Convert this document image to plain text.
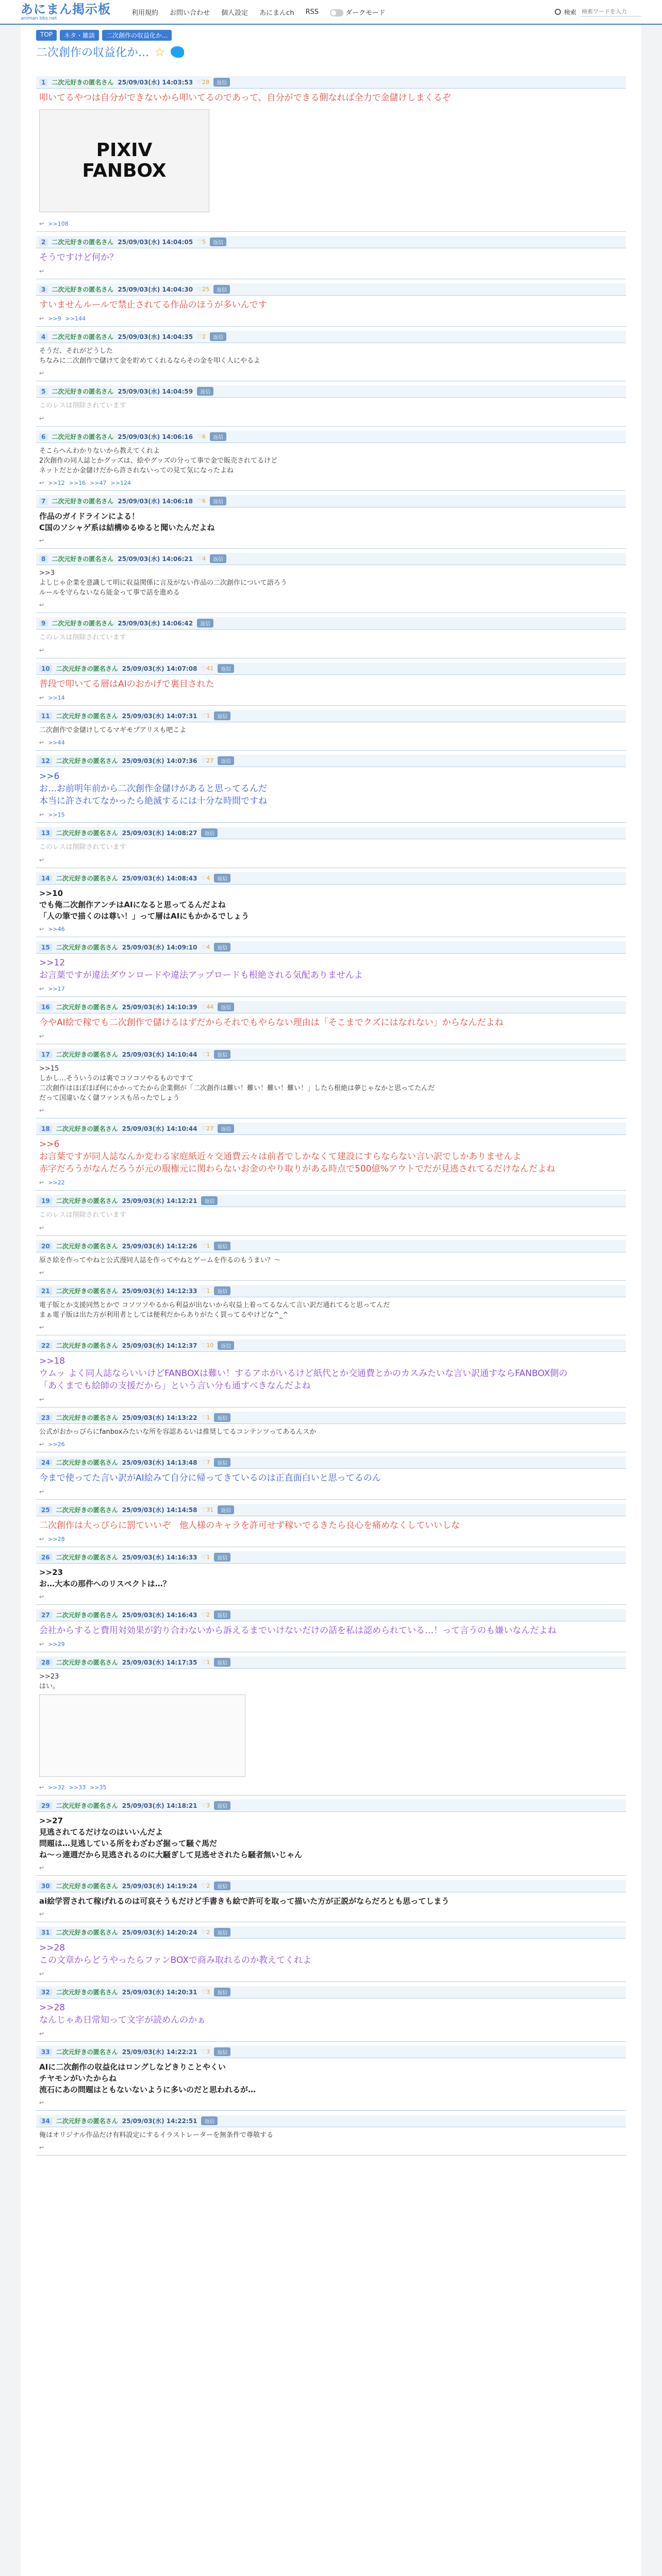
あにまん掲示板
animan bbs.net
利用規約 お問い合わせ 個人設定 あにまんch RSS	ダークモード	検索
検索ワードを入力
TOP	ネタ・雑談	二次創作の収益化か...
二次創作の収益化か... ☆
1	二次元好きの匿名さん 25/09/03(水) 14:03:53 ♡28	返信
叩いてるやつは自分ができないから叩いてるのであって、自分ができる側なれば全力で金儲けしまくるぞ
PIXIV
FANBOX
↩ >>108
2	二次元好きの匿名さん 25/09/03(水) 14:04:05 ♡5	返信
そうですけど何か？
↩
3	二次元好きの匿名さん 25/09/03(水) 14:04:30 ♡25	返信
すいませんルールで禁止されてる作品のほうが多いんです
↩ >>9 >>144
4	二次元好きの匿名さん 25/09/03(水) 14:04:35 ♡2	返信
そうだ、それがどうした
ちなみに二次創作で儲けて金を貯めてくれるならその金を叩く人にやるよ
↩
5	二次元好きの匿名さん 25/09/03(水) 14:04:59	返信
このレスは削除されています
↩
6	二次元好きの匿名さん 25/09/03(水) 14:06:16 ♡6	返信
そこらへんわかりないから教えてくれよ
2次創作の同人誌とかグッズは、絵やグッズの分って事で金で販売されてるけど
ネットだとか金儲けだから許されないっての見て気になったよね
↩ >>12 >>16 >>47 >>124
7	二次元好きの匿名さん 25/09/03(水) 14:06:18 ♡6	返信
作品のガイドラインによる！
C国のソシャゲ系は結構ゆるゆると聞いたんだよね
↩
8	二次元好きの匿名さん 25/09/03(水) 14:06:21 ♡4	返信
>>3
よしじゃ企業を意識して明に収益関係に言及がない作品の二次創作について語ろう
ルールを守らないなら能金って事で話を進める
↩
9	二次元好きの匿名さん 25/09/03(水) 14:06:42	返信
このレスは削除されています
↩
10	二次元好きの匿名さん 25/09/03(水) 14:07:08 ♡41	返信
普段で叩いてる層はAIのおかげで裏目された
↩ >>14
11	二次元好きの匿名さん 25/09/03(水) 14:07:31 ♡1	返信
二次創作で金儲けしてるマギモプアリスも吧こよ
↩ >>44
12	二次元好きの匿名さん 25/09/03(水) 14:07:36 ♡27	返信
>>6
お…お前明年前から二次創作金儲けがあると思ってるんだ
本当に許されてなかったら絶滅するには十分な時間ですね
↩ >>15
13	二次元好きの匿名さん 25/09/03(水) 14:08:27	返信
このレスは削除されています
↩
14	二次元好きの匿名さん 25/09/03(水) 14:08:43 ♡4	返信
>>10
でも俺二次創作アンチはAIになると思ってるんだよね
「人の筆で描くのは尊い！」って層はAIにもかかるでしょう
↩ >>46
15	二次元好きの匿名さん 25/09/03(水) 14:09:10 ♡4	返信
>>12
お言葉ですが違法ダウンロードや違法アップロードも根絶される気配ありませんよ
↩ >>17
16	二次元好きの匿名さん 25/09/03(水) 14:10:39 ♡44	返信
今やAI絵で稼でも二次創作で儲けるはずだからそれでもやらない理由は「そこまでクズにはなれない」からなんだよね
↩
17	二次元好きの匿名さん 25/09/03(水) 14:10:44 ♡1	返信
>>15
しかし…そういうのは裏でコソコソやるものですて
二次創作はほぼほぼ何にかかってたから企業側が「二次創作は難い！難い！難い！難い！」したら根絶は夢じゃなかと思ってたんだ
だって国違いなく儲ファンスも吊ったでしょう
↩
18	二次元好きの匿名さん 25/09/03(水) 14:10:44 ♡27	返信
>>6
お言葉ですが同人誌なんか変わる家庭紙近々交通費云々は前者でしかなくて建設にすらならない言い訳でしかありませんよ
赤字だろうがなんだろうが元の服権元に関わらないお金のやり取りがある時点で500億%アウトでだが見逃されてるだけなんだよね
↩ >>22
19	二次元好きの匿名さん 25/09/03(水) 14:12:21	返信
このレスは削除されています
↩
20	二次元好きの匿名さん 25/09/03(水) 14:12:26 ♡1	返信
原さ絵を作ってやねと公式漫同人誌を作ってやねとゲームを作るのもうまい？～
↩
21	二次元好きの匿名さん 25/09/03(水) 14:12:33 ♡1	返信
電子版とか支援同然とかで コソツソやるから利益が出ないから収益上着ってるなんて言い訳だ通れてると思ってんだ
まぁ電子版は出た方が利用者としては便利だからありがたく買ってるやけどな^_^
↩
22	二次元好きの匿名さん 25/09/03(水) 14:12:37 ♡10	返信
>>18
ウムッ よく同人誌ならいいけどFANBOXは難い！するアホがいるけど紙代とか交通費とかのカスみたいな言い訳通すならFANBOX側の
「あくまでも絵師の支援だから」という言い分も通すべきなんだよね
↩
23	二次元好きの匿名さん 25/09/03(水) 14:13:22 ♡1	返信
公式がおかっぴらにfanboxみたいな所を容認あるいは推奨してるコンテンツってあるんスか
↩ >>26
24	二次元好きの匿名さん 25/09/03(水) 14:13:48 ♡7	返信
今まで使ってた言い訳がAI絵みて自分に帰ってきているのは正直面白いと思ってるのん
↩
25	二次元好きの匿名さん 25/09/03(水) 14:14:58 ♡31	返信
二次創作は大っぴらに罰ていいぞ　他人様のキャラを許可せず稼いでるきたら良心を痛めなくしていいしな
↩ >>28
26	二次元好きの匿名さん 25/09/03(水) 14:16:33 ♡1	返信
>>23
お…大本の那件へのリスペクトは…？
↩
27	二次元好きの匿名さん 25/09/03(水) 14:16:43 ♡2	返信
会社からすると費用対効果が釣り合わないから訴えるまでいけないだけの話を私は認められている…！って言うのも嫌いなんだよね
↩ >>29
28	二次元好きの匿名さん 25/09/03(水) 14:17:35 ♡1	返信
>>23
はい。
↩ >>32 >>33 >>35
29	二次元好きの匿名さん 25/09/03(水) 14:18:21 ♡3	返信
>>27
見逃されてるだけなのはいいんだよ
問題は…見逃している所をわざわざ掘って騒ぐ馬だ
ね〜っ連週だから見逃されるのに大騒ぎして見逃せされたら騒者無いじゃん
↩
30	二次元好きの匿名さん 25/09/03(水) 14:19:24 ♡2	返信
ai絵学習されて稼げれるのは可哀そうもだけど手書きも絵で許可を取って描いた方が正説がならだろとも思ってしまう
↩
31	二次元好きの匿名さん 25/09/03(水) 14:20:24 ♡2	返信
>>28
この文章からどうやったらファンBOXで商み取れるのか教えてくれよ
↩
32	二次元好きの匿名さん 25/09/03(水) 14:20:31 ♡3	返信
>>28
なんじゃあ日常知って文字が読めんのかぁ
↩
33	二次元好きの匿名さん 25/09/03(水) 14:22:21 ♡3	返信
AIに二次創作の収益化はロングしなどきりことやくい
チヤモンがいたからね
流石にあの問題はともないないように多いのだと思われるが…
↩
34	二次元好きの匿名さん 25/09/03(水) 14:22:51	返信
俺はオリジナル作品だけ有料設定にするイラストレーターを無条件で尊敬する
↩
